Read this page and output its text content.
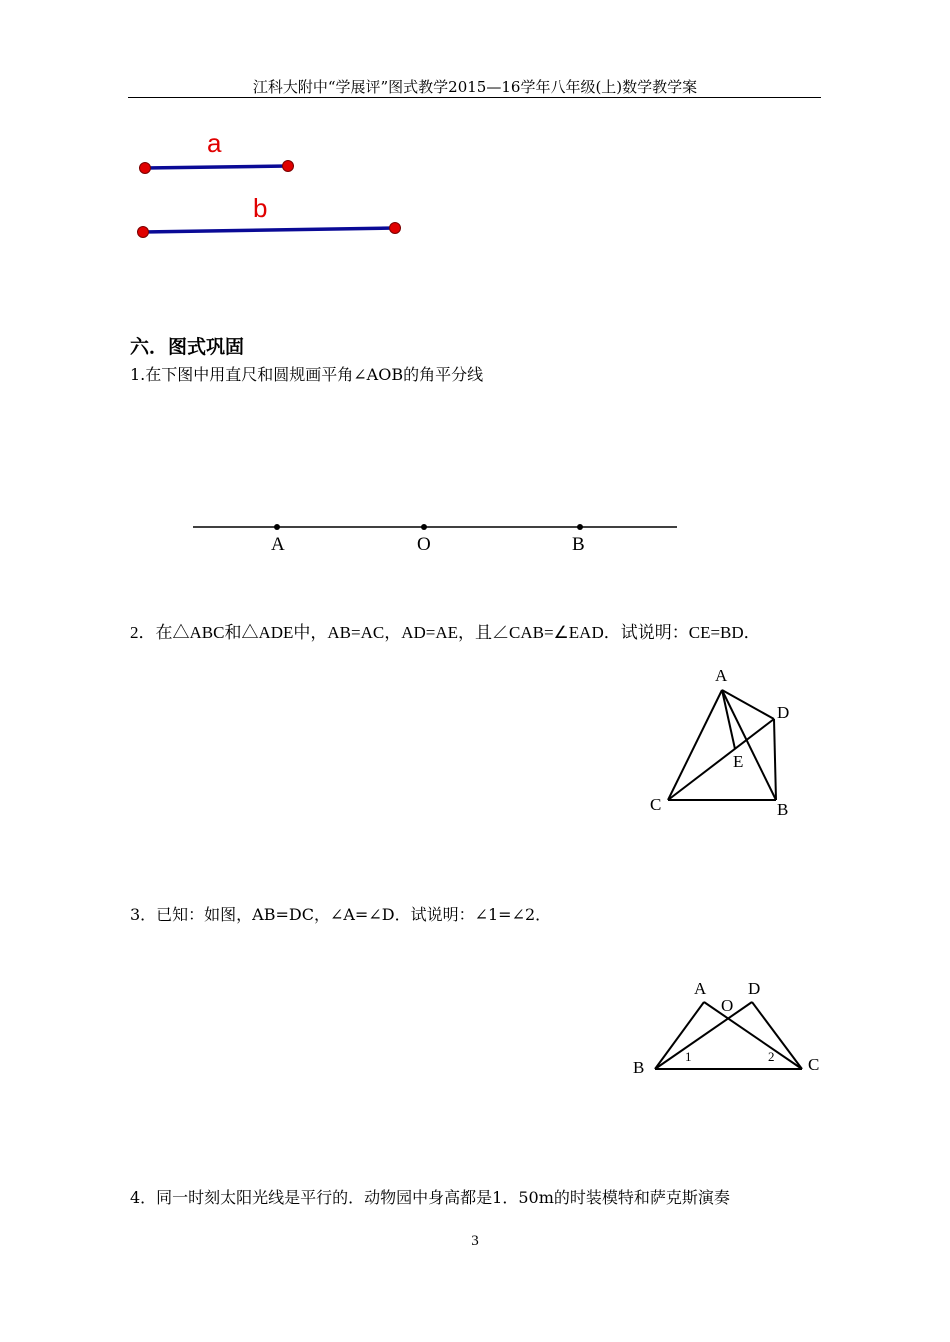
江科大附中“学展评”图式教学2015—16学年八年级(上)数学教学案
a
b
六．图式巩固
1.在下图中用直尺和圆规画平角∠AOB的角平分线
A	O	B
2．在△ABC和△ADE中，AB=AC，AD=AE，且∠CAB=∠EAD．试说明：CE=BD．
A
D
E
C	B
3．已知：如图，AB=DC，∠A=∠D．试说明：∠1=∠2．
A D
O
B	C
1	2
4．同一时刻太阳光线是平行的．动物园中身高都是1．50m的时装模特和萨克斯演奏
3
